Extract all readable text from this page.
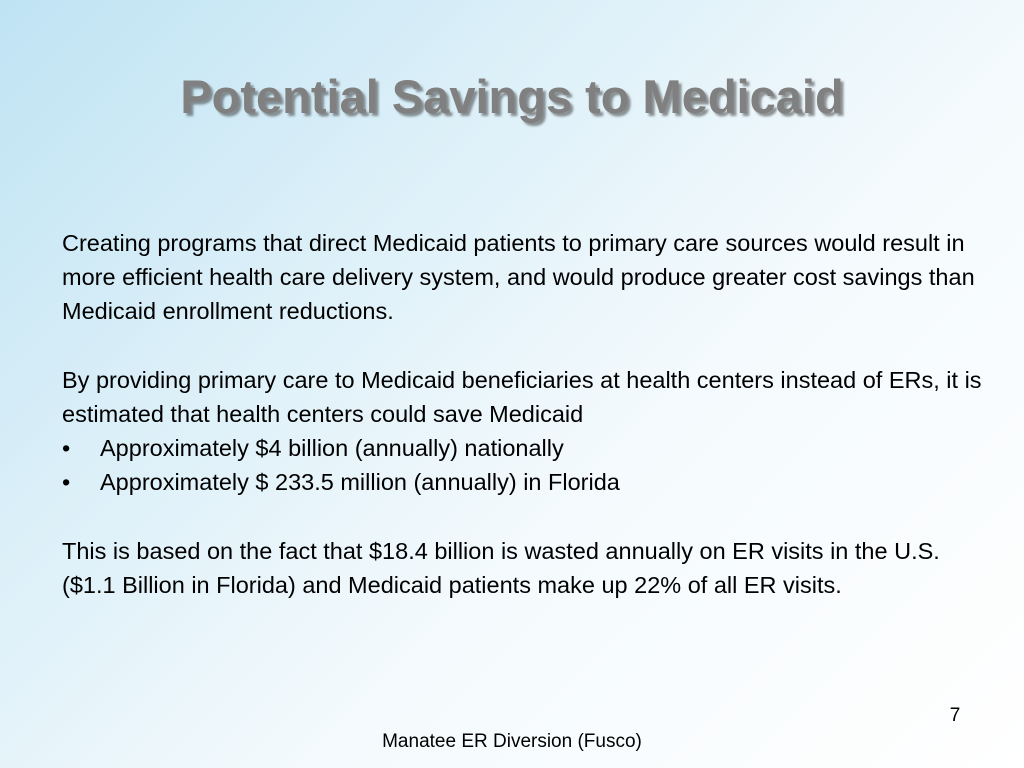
Potential Savings to Medicaid

Creating programs that direct Medicaid patients to primary care sources would result in more efficient health care delivery system, and would produce greater cost savings than Medicaid enrollment reductions.

By providing primary care to Medicaid beneficiaries at health centers instead of ERs, it is estimated that health centers could save Medicaid

• Approximately $4 billion (annually) nationally
• Approximately $ 233.5 million (annually) in Florida

This is based on the fact that $18.4 billion is wasted annually on ER visits in the U.S. ($1.1 Billion in Florida) and Medicaid patients make up 22% of all ER visits.

7
Manatee ER Diversion (Fusco)
